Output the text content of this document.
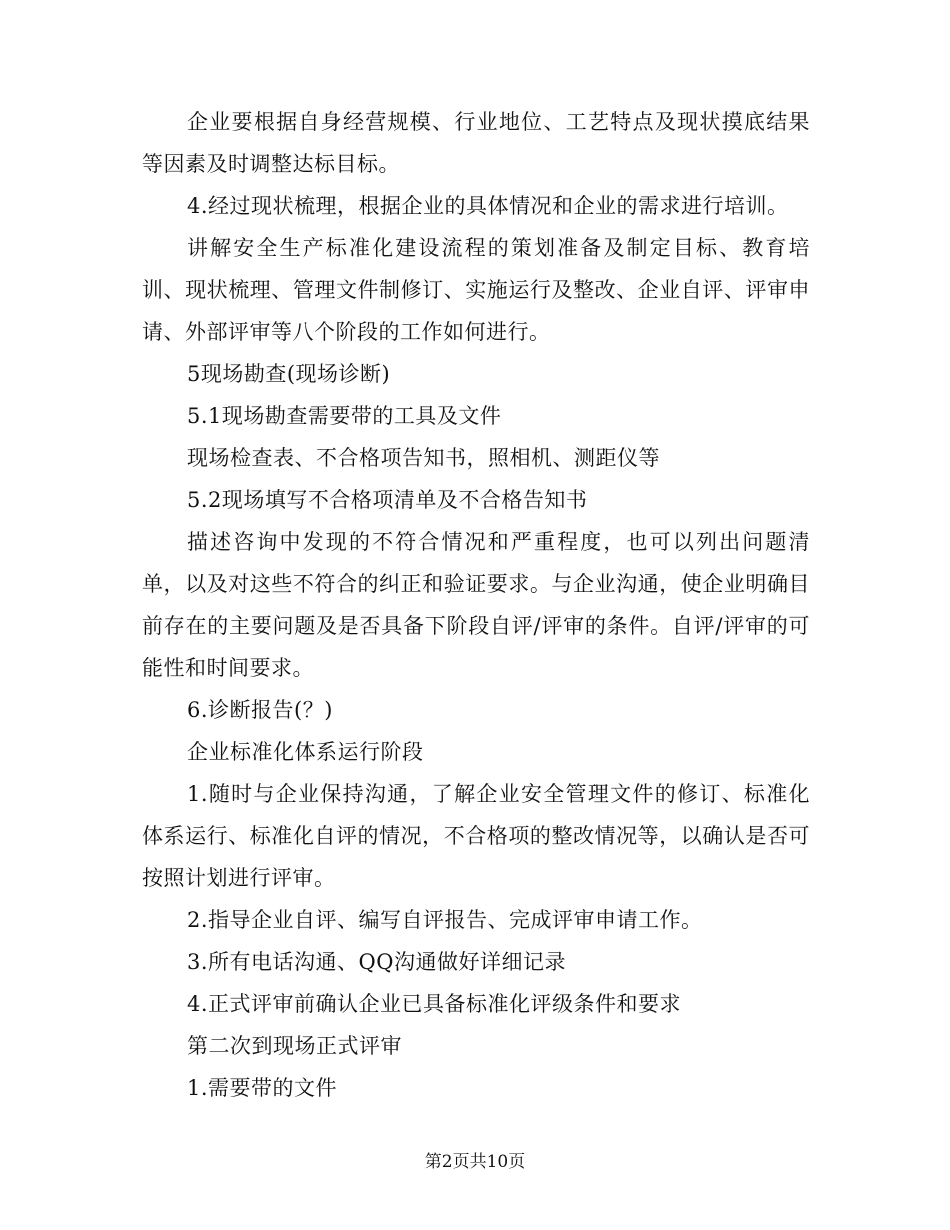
企业要根据自身经营规模、行业地位、工艺特点及现状摸底结果等因素及时调整达标目标。

4.经过现状梳理，根据企业的具体情况和企业的需求进行培训。

讲解安全生产标准化建设流程的策划准备及制定目标、教育培训、现状梳理、管理文件制修订、实施运行及整改、企业自评、评审申请、外部评审等八个阶段的工作如何进行。

5现场勘查(现场诊断)

5.1现场勘查需要带的工具及文件

现场检查表、不合格项告知书，照相机、测距仪等

5.2现场填写不合格项清单及不合格告知书

描述咨询中发现的不符合情况和严重程度，也可以列出问题清单，以及对这些不符合的纠正和验证要求。与企业沟通，使企业明确目前存在的主要问题及是否具备下阶段自评/评审的条件。自评/评审的可能性和时间要求。

6.诊断报告(？)

企业标准化体系运行阶段

1.随时与企业保持沟通，了解企业安全管理文件的修订、标准化体系运行、标准化自评的情况，不合格项的整改情况等，以确认是否可按照计划进行评审。

2.指导企业自评、编写自评报告、完成评审申请工作。

3.所有电话沟通、QQ沟通做好详细记录

4.正式评审前确认企业已具备标准化评级条件和要求

第二次到现场正式评审

1.需要带的文件

第2页共10页
